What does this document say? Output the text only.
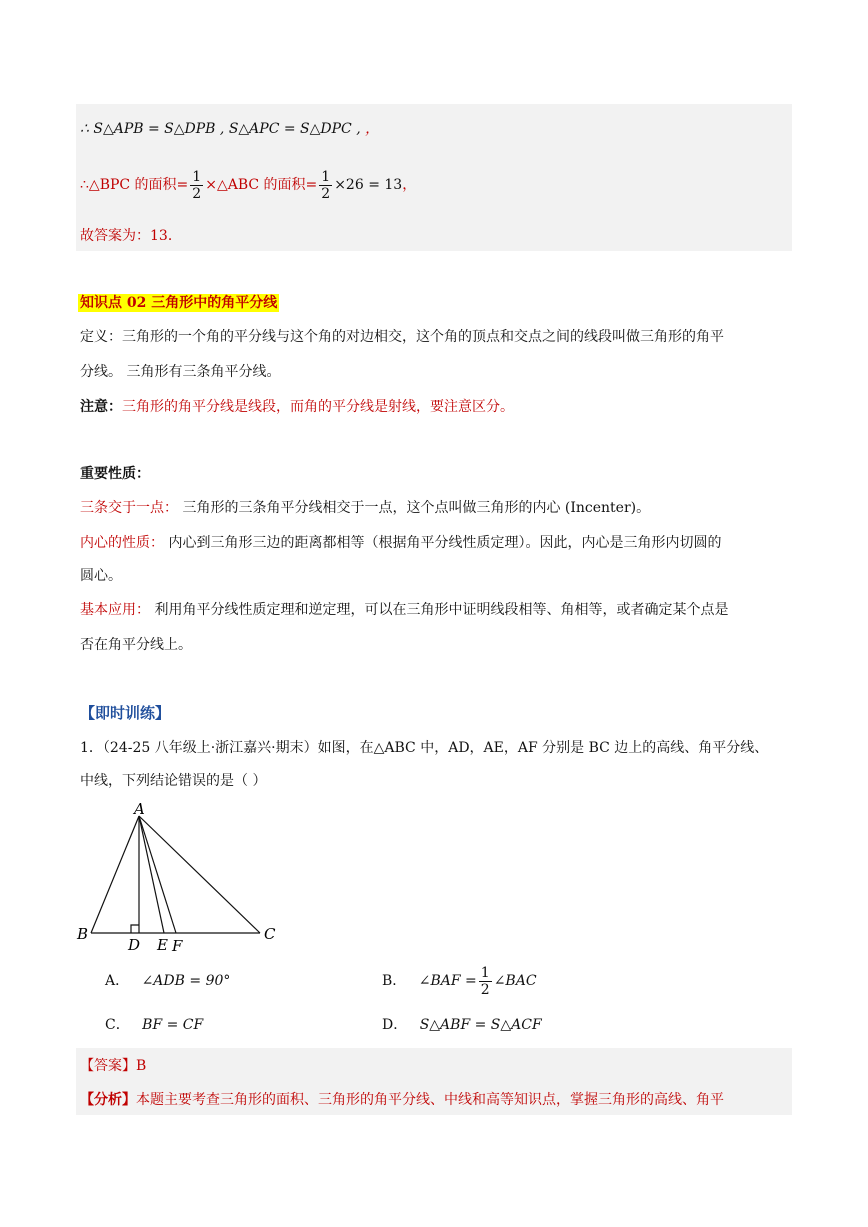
∴ S△APB = S△DPB , S△APC = S△DPC , ，
∴△BPC 的面积= $\frac{1}{2}$ ×△ABC 的面积= $\frac{1}{2} \times 26 = 13$，
故答案为：13．
知识点 02 三角形中的角平分线
定义：三角形的一个角的平分线与这个角的对边相交，这个角的顶点和交点之间的线段叫做三角形的角平
分线。 三角形有三条角平分线。
注意：三角形的角平分线是线段，而角的平分线是射线，要注意区分。
重要性质：
三条交于一点： 三角形的三条角平分线相交于一点，这个点叫做三角形的内心 (Incenter)。
内心的性质： 内心到三角形三边的距离都相等（根据角平分线性质定理）。因此，内心是三角形内切圆的
圆心。
基本应用： 利用角平分线性质定理和逆定理，可以在三角形中证明线段相等、角相等，或者确定某个点是
否在角平分线上。
【即时训练】
1．（24-25 八年级上·浙江嘉兴·期末）如图，在△ABC 中，AD，AE，AF 分别是 BC 边上的高线、角平分线、
中线，下列结论错误的是（ ）
A
B	C
D E F
A． ∠ADB = 90°	B． ∠BAF = $\frac{1}{2}$ ∠BAC
C． BF = CF	D． S△ABF = S△ACF
【答案】B
【分析】本题主要考查三角形的面积、三角形的角平分线、中线和高等知识点，掌握三角形的高线、角平
